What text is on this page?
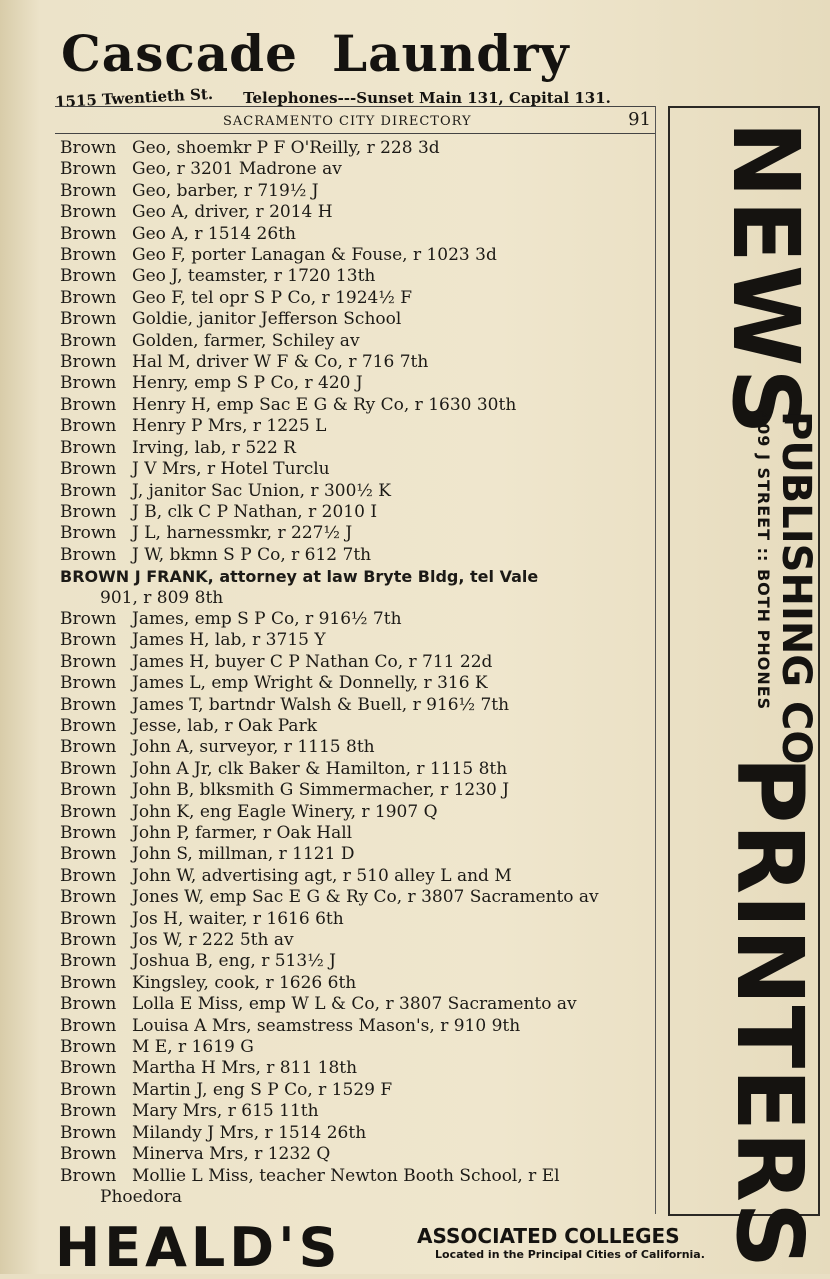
Cascade Laundry
1515 Twentieth St. Telephones---Sunset Main 131, Capital 131.
SACRAMENTO CITY DIRECTORY	91
Brown Geo, shoemkr P F O'Reilly, r 228 3d
Brown Geo, r 3201 Madrone av
Brown Geo, barber, r 719½ J
Brown Geo A, driver, r 2014 H
Brown Geo A, r 1514 26th
Brown Geo F, porter Lanagan & Fouse, r 1023 3d
Brown Geo J, teamster, r 1720 13th
Brown Geo F, tel opr S P Co, r 1924½ F
Brown Goldie, janitor Jefferson School
Brown Golden, farmer, Schiley av
Brown Hal M, driver W F & Co, r 716 7th
Brown Henry, emp S P Co, r 420 J
Brown Henry H, emp Sac E G & Ry Co, r 1630 30th
Brown Henry P Mrs, r 1225 L
Brown Irving, lab, r 522 R
Brown J V Mrs, r Hotel Turclu
Brown J, janitor Sac Union, r 300½ K
Brown J B, clk C P Nathan, r 2010 I
Brown J L, harnessmkr, r 227½ J
Brown J W, bkmn S P Co, r 612 7th
BROWN J FRANK, attorney at law Bryte Bldg, tel Vale
901, r 809 8th
Brown James, emp S P Co, r 916½ 7th
Brown James H, lab, r 3715 Y
Brown James H, buyer C P Nathan Co, r 711 22d
Brown James L, emp Wright & Donnelly, r 316 K
Brown James T, bartndr Walsh & Buell, r 916½ 7th
Brown Jesse, lab, r Oak Park
Brown John A, surveyor, r 1115 8th
Brown John A Jr, clk Baker & Hamilton, r 1115 8th
Brown John B, blksmith G Simmermacher, r 1230 J
Brown John K, eng Eagle Winery, r 1907 Q
Brown John P, farmer, r Oak Hall
Brown John S, millman, r 1121 D
Brown John W, advertising agt, r 510 alley L and M
Brown Jones W, emp Sac E G & Ry Co, r 3807 Sacramento av
Brown Jos H, waiter, r 1616 6th
Brown Jos W, r 222 5th av
Brown Joshua B, eng, r 513½ J
Brown Kingsley, cook, r 1626 6th
Brown Lolla E Miss, emp W L & Co, r 3807 Sacramento av
Brown Louisa A Mrs, seamstress Mason's, r 910 9th
Brown M E, r 1619 G
Brown Martha H Mrs, r 811 18th
Brown Martin J, eng S P Co, r 1529 F
Brown Mary Mrs, r 615 11th
Brown Milandy J Mrs, r 1514 26th
Brown Minerva Mrs, r 1232 Q
Brown Mollie L Miss, teacher Newton Booth School, r El
Phoedora
NEWS
PUBLISHING CO.
409 J STREET :: BOTH PHONES
PRINTERS
HEALD'S	ASSOCIATED COLLEGES
Located in the Principal Cities of California.
